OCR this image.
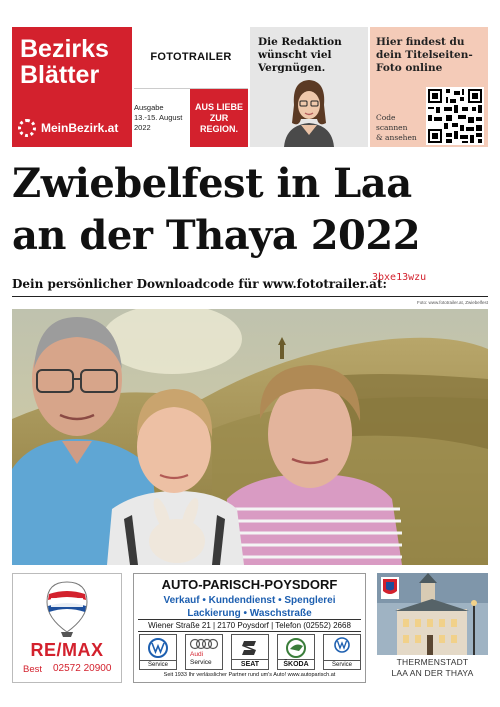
Bezirks
Blätter
MeinBezirk.at
FOTOTRAILER
Ausgabe
13.-15. August
2022
AUS LIEBE
ZUR
REGION.
Die Redaktion
wünscht viel
Vergnügen.
Hier findest du
dein Titelseiten-
Foto online
Code
scannen
& ansehen
Zwiebelfest in Laa
an der Thaya 2022
Dein persönlicher Downloadcode für www.fototrailer.at:
3bxe13wzu
Foto: www.fototrailer.at, Zwiebelfest
RE/MAX
Best 02572 20900
AUTO-PARISCH-POYSDORF
Verkauf • Kundendienst • Spenglerei
Lackierung • Waschstraße
Wiener Straße 21 | 2170 Poysdorf | Telefon (02552) 2668
Service
Audi
Service	SEAT	ŠKODA	Service
Seit 1933 Ihr verlässlicher Partner rund um's Auto! www.autoparisch.at
THERMENSTADT
LAA AN DER THAYA
